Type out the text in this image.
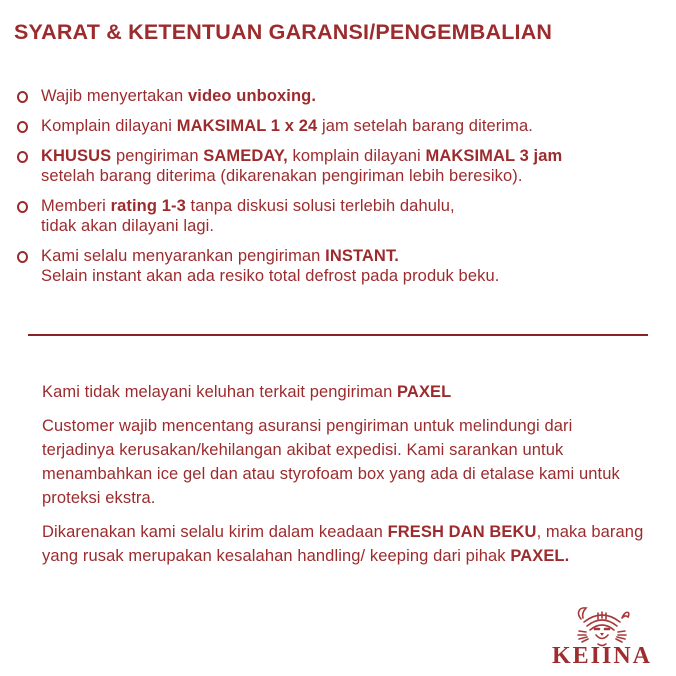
SYARAT & KETENTUAN GARANSI/PENGEMBALIAN
Wajib menyertakan video unboxing.
Komplain dilayani MAKSIMAL 1 x 24 jam setelah barang diterima.
KHUSUS pengiriman SAMEDAY, komplain dilayani MAKSIMAL 3 jam
setelah barang diterima (dikarenakan pengiriman lebih beresiko).
Memberi rating 1-3 tanpa diskusi solusi terlebih dahulu,
tidak akan dilayani lagi.
Kami selalu menyarankan pengiriman INSTANT.
Selain instant akan ada resiko total defrost pada produk beku.

Kami tidak melayani keluhan terkait pengiriman PAXEL

Customer wajib mencentang asuransi pengiriman untuk melindungi dari
terjadinya kerusakan/kehilangan akibat expedisi. Kami sarankan untuk
menambahkan ice gel dan atau styrofoam box yang ada di etalase kami untuk
proteksi ekstra.

Dikarenakan kami selalu kirim dalam keadaan FRESH DAN BEKU, maka barang
yang rusak merupakan kesalahan handling/ keeping dari pihak PAXEL.

KEIINA
